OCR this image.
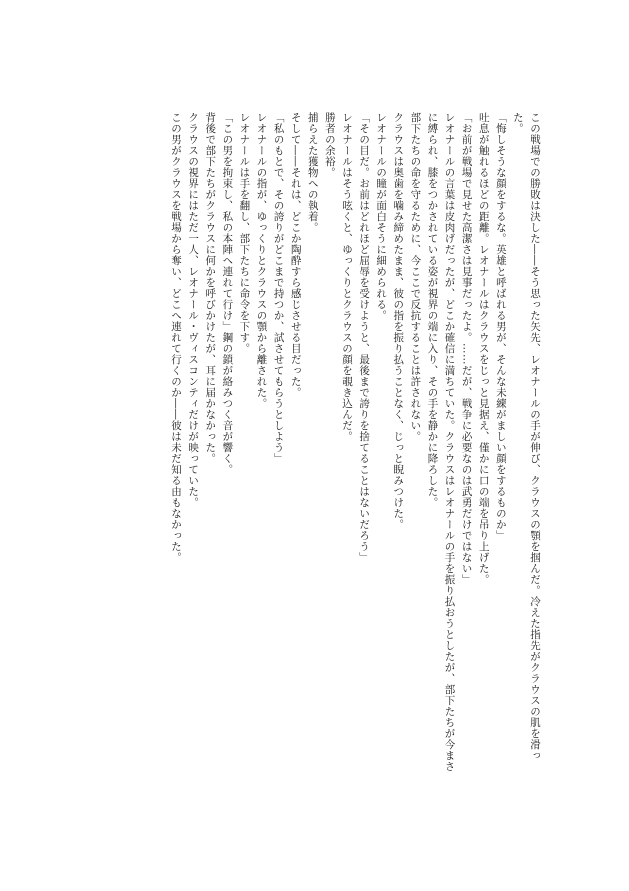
この戦場での勝敗は決した――そう思った矢先、レオナールの手が伸び、クラウスの顎を掴んだ。冷えた指先がクラウスの肌を滑っ
た。
「悔しそうな顔をするな。英雄と呼ばれる男が、そんな未練がましい顔をするものか」
吐息が触れるほどの距離。レオナールはクラウスをじっと見据え、僅かに口の端を吊り上げた。
「お前が戦場で見せた高潔さは見事だったよ。……だが、戦争に必要なのは武勇だけではない」
レオナールの言葉は皮肉げだったが、どこか確信に満ちていた。クラウスはレオナールの手を振り払おうとしたが、部下たちが今まさ
に縛られ、膝をつかされている姿が視界の端に入り、その手を静かに降ろした。
部下たちの命を守るために、今ここで反抗することは許されない。
クラウスは奥歯を噛み締めたまま、彼の指を振り払うことなく、じっと睨みつけた。
レオナールの瞳が面白そうに細められる。
「その目だ。お前はどれほど屈辱を受けようと、最後まで誇りを捨てることはないだろう」
レオナールはそう呟くと、ゆっくりとクラウスの顔を覗き込んだ。
勝者の余裕。
捕らえた獲物への執着。
そして――それは、どこか陶酔すら感じさせる目だった。
「私のもとで、その誇りがどこまで持つか、試させてもらうとしよう」
レオナールの指が、ゆっくりとクラウスの顎から離された。
レオナールは手を翻し、部下たちに命令を下す。
「この男を拘束し、私の本陣へ連れて行け」鋼の鎖が絡みつく音が響く。
背後で部下たちがクラウスに何かを呼びかけたが、耳に届かなかった。
クラウスの視界にはただ一人、レオナール・ヴィスコンティだけが映っていた。
この男がクラウスを戦場から奪い、どこへ連れて行くのか――彼は未だ知る由もなかった。
